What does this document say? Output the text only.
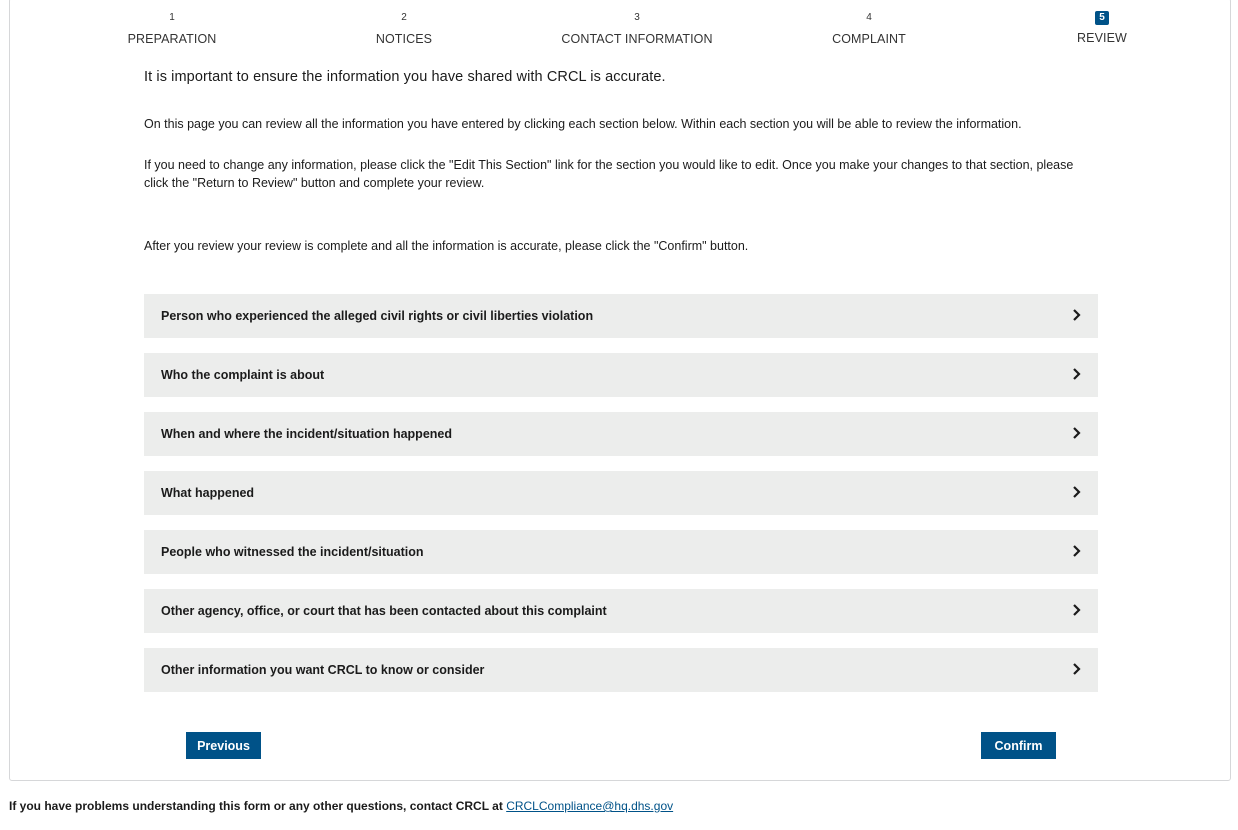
1
PREPARATION
2
NOTICES
3
CONTACT INFORMATION
4
COMPLAINT
5
REVIEW
It is important to ensure the information you have shared with CRCL is accurate.

On this page you can review all the information you have entered by clicking each section below. Within each section you will be able to review the information.

If you need to change any information, please click the "Edit This Section" link for the section you would like to edit. Once you make your changes to that section, please click the "Return to Review" button and complete your review.

After you review your review is complete and all the information is accurate, please click the "Confirm" button.

Person who experienced the alleged civil rights or civil liberties violation
Who the complaint is about
When and where the incident/situation happened
What happened
People who witnessed the incident/situation
Other agency, office, or court that has been contacted about this complaint
Other information you want CRCL to know or consider
Previous	Confirm
If you have problems understanding this form or any other questions, contact CRCL at CRCLCompliance@hq.dhs.gov
